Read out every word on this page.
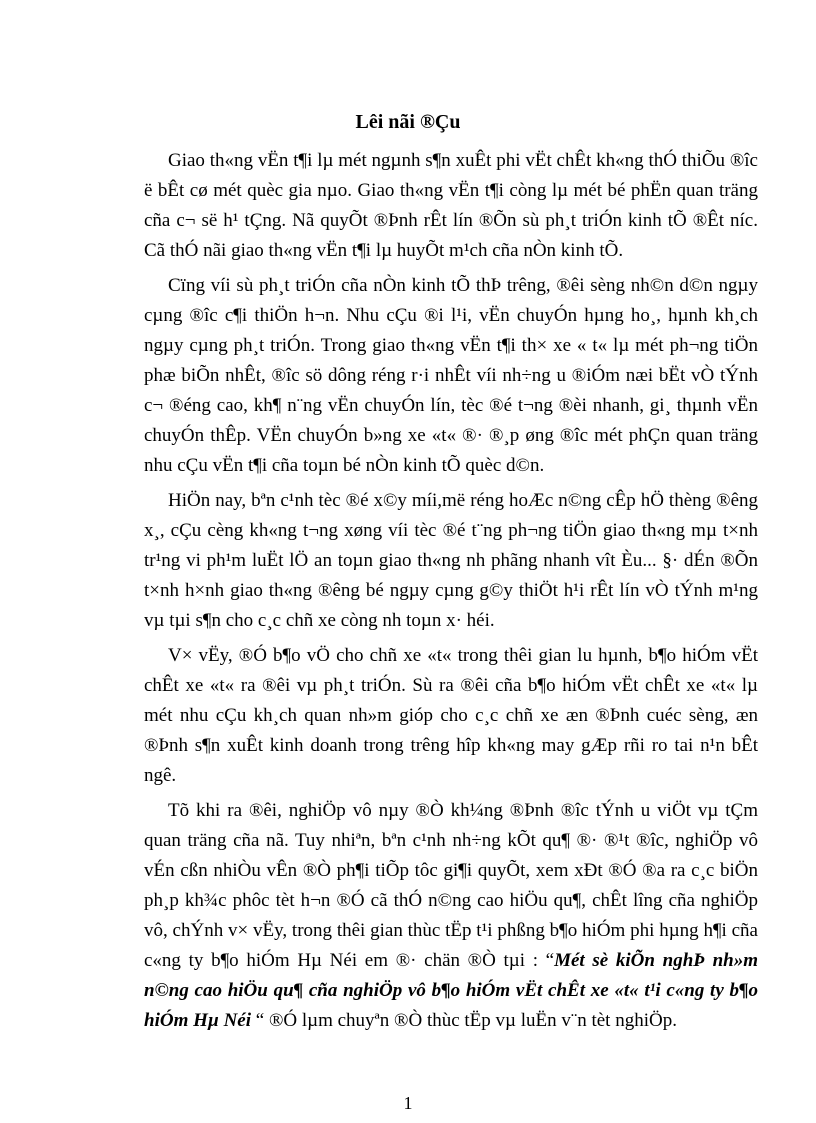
Lêi nãi ®Çu

Giao th«ng vËn t¶i lµ mét ngµnh s¶n xuÊt phi vËt chÊt kh«ng thÓ thiÕu ®îc ë bÊt cø mét quèc gia nµo. Giao th«ng vËn t¶i còng lµ mét bé phËn quan träng cña c¬ së h¹ tÇng. Nã quyÕt ®Þnh rÊt lín ®Õn sù ph¸t triÓn kinh tÕ ®Êt níc. Cã thÓ nãi giao th«ng vËn t¶i lµ huyÕt m¹ch cña nÒn kinh tÕ.

Cïng víi sù ph¸t triÓn cña nÒn kinh tÕ thÞ trêng, ®êi sèng nh©n d©n ngµy cµng ®îc c¶i thiÖn h¬n. Nhu cÇu ®i l¹i, vËn chuyÓn hµng ho¸, hµnh kh¸ch ngµy cµng ph¸t triÓn. Trong giao th«ng vËn t¶i th× xe « t« lµ mét ph¬ng tiÖn phæ biÕn nhÊt, ®îc sö dông réng r·i nhÊt víi nh÷ng u ®iÓm næi bËt vÒ tÝnh c¬ ®éng cao, kh¶ n¨ng vËn chuyÓn lín, tèc ®é t¬ng ®èi nhanh, gi¸ thµnh vËn chuyÓn thÊp. VËn chuyÓn b»ng xe «t« ®· ®¸p øng ®îc mét phÇn quan träng nhu cÇu vËn t¶i cña toµn bé nÒn kinh tÕ quèc d©n.

HiÖn nay, bªn c¹nh tèc ®é x©y míi,më réng hoÆc n©ng cÊp hÖ thèng ®êng x¸, cÇu cèng kh«ng t¬ng xøng víi tèc ®é t¨ng ph¬ng tiÖn giao th«ng mµ t×nh tr¹ng vi ph¹m luËt lÖ an toµn giao th«ng nh phãng nhanh vît Èu... §· dÉn ®Õn t×nh h×nh giao th«ng ®êng bé ngµy cµng g©y thiÖt h¹i rÊt lín vÒ tÝnh m¹ng vµ tµi s¶n cho c¸c chñ xe còng nh toµn x· héi.

V× vËy, ®Ó b¶o vÖ cho chñ xe «t« trong thêi gian lu hµnh, b¶o hiÓm vËt chÊt xe «t« ra ®êi vµ ph¸t triÓn. Sù ra ®êi cña b¶o hiÓm vËt chÊt xe «t« lµ mét nhu cÇu kh¸ch quan nh»m gióp cho c¸c chñ xe æn ®Þnh cuéc sèng, æn ®Þnh s¶n xuÊt kinh doanh trong trêng hîp kh«ng may gÆp rñi ro tai n¹n bÊt ngê.

Tõ khi ra ®êi, nghiÖp vô nµy ®Ò kh¼ng ®Þnh ®îc tÝnh u viÖt vµ tÇm quan träng cña nã. Tuy nhiªn, bªn c¹nh nh÷ng kÕt qu¶ ®· ®¹t ®îc, nghiÖp vô vÉn cßn nhiÒu vÊn ®Ò ph¶i tiÕp tôc gi¶i quyÕt, xem xÐt ®Ó ®a ra c¸c biÖn ph¸p kh¾c phôc tèt h¬n ®Ó cã thÓ n©ng cao hiÖu qu¶, chÊt lîng cña nghiÖp vô, chÝnh v× vËy, trong thêi gian thùc tËp t¹i phßng b¶o hiÓm phi hµng h¶i cña c«ng ty b¶o hiÓm Hµ Néi em ®· chän ®Ò tµi : “Mét sè kiÕn nghÞ nh»m n©ng cao hiÖu qu¶ cña nghiÖp vô b¶o hiÓm vËt chÊt xe «t« t¹i c«ng ty b¶o hiÓm Hµ Néi “ ®Ó lµm chuyªn ®Ò thùc tËp vµ luËn v¨n tèt nghiÖp.

1
